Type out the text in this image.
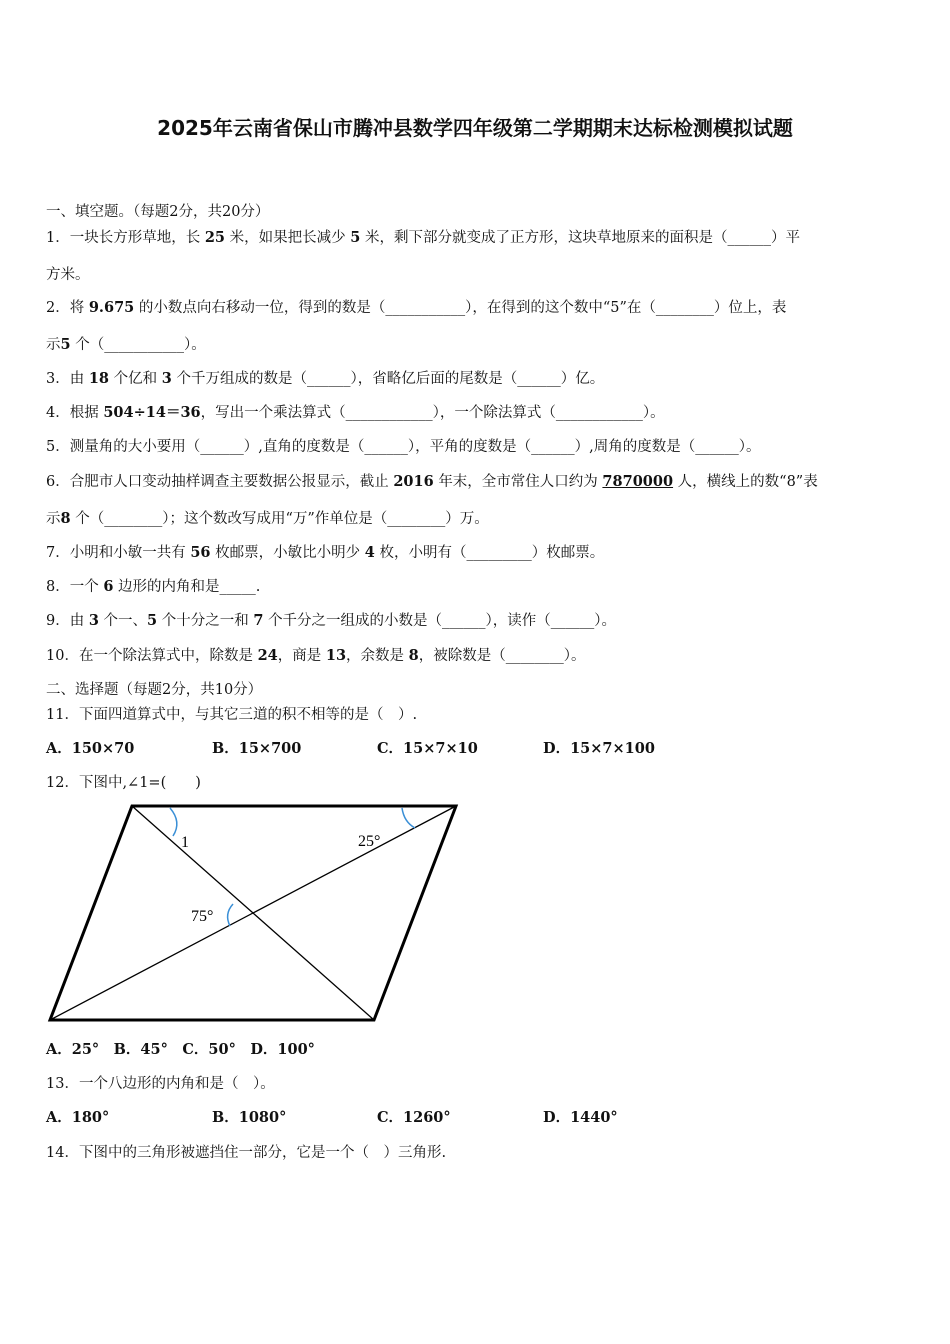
2025年云南省保山市腾冲县数学四年级第二学期期末达标检测模拟试题
一、填空题。（每题2分，共20分）
1．一块长方形草地，长 25 米，如果把长减少 5 米，剩下部分就变成了正方形，这块草地原来的面积是（______）平
方米。
2．将 9.675 的小数点向右移动一位，得到的数是（___________），在得到的这个数中“5”在（________）位上，表
示5 个（___________）。
3．由 18 个亿和 3 个千万组成的数是（______），省略亿后面的尾数是（______）亿。
4．根据 504÷14＝36，写出一个乘法算式（____________），一个除法算式（____________）。
5．测量角的大小要用（______）,直角的度数是（______），平角的度数是（______）,周角的度数是（______）。
6．合肥市人口变动抽样调查主要数据公报显示，截止 2016 年末，全市常住人口约为 7870000 人，横线上的数“8”表
示8 个（________）；这个数改写成用“万”作单位是（________）万。
7．小明和小敏一共有 56 枚邮票，小敏比小明少 4 枚，小明有（_________）枚邮票。
8．一个 6 边形的内角和是_____.
9．由 3 个一、5 个十分之一和 7 个千分之一组成的小数是（______），读作（______）。
10．在一个除法算式中，除数是 24，商是 13，余数是 8，被除数是（________）。
二、选择题（每题2分，共10分）
11．下面四道算式中，与其它三道的积不相等的是（　）.
A．150×70	B．15×700	C．15×7×10	D．15×7×100
12．下图中,∠1=(　　)
1	25°
75°
A．25°　B．45°　C．50°　D．100°
13．一个八边形的内角和是（　）。
A．180°	B．1080°	C．1260°	D．1440°
14．下图中的三角形被遮挡住一部分，它是一个（　）三角形.
